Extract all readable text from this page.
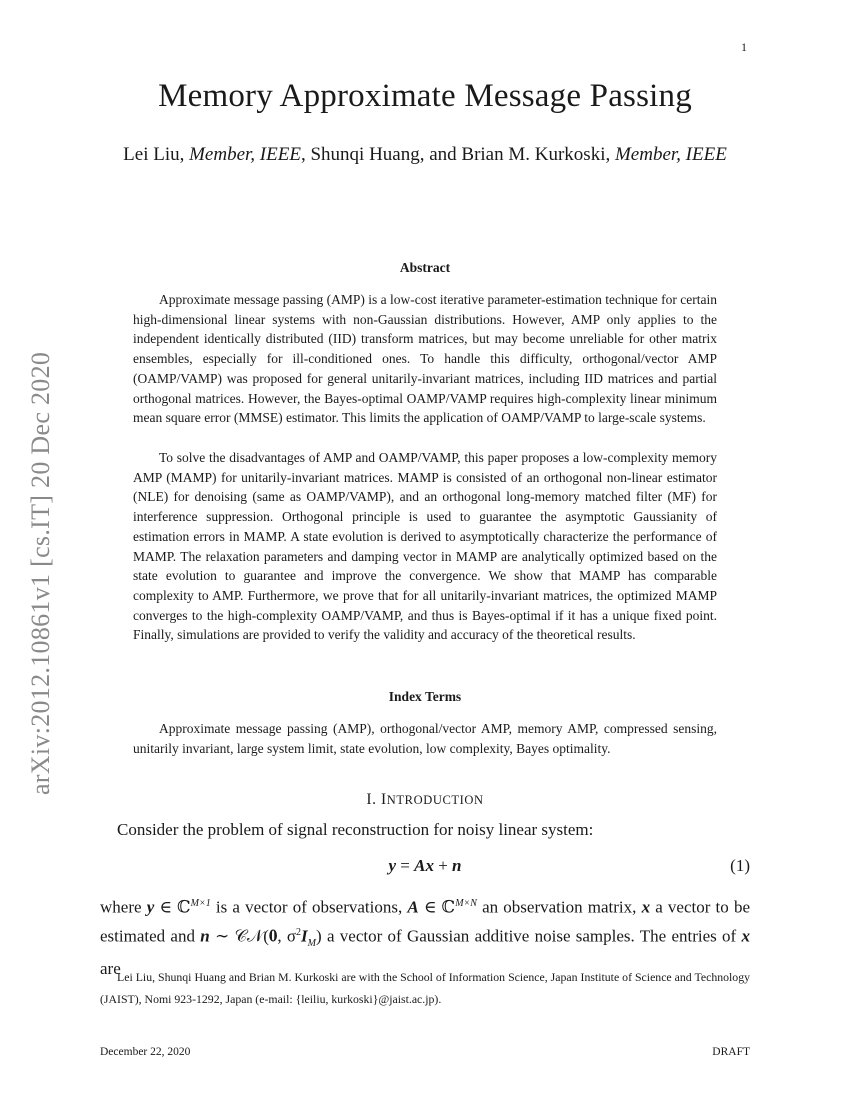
1
arXiv:2012.10861v1 [cs.IT] 20 Dec 2020
Memory Approximate Message Passing
Lei Liu, Member, IEEE, Shunqi Huang, and Brian M. Kurkoski, Member, IEEE
Abstract

Approximate message passing (AMP) is a low-cost iterative parameter-estimation technique for certain high-dimensional linear systems with non-Gaussian distributions. However, AMP only applies to the independent identically distributed (IID) transform matrices, but may become unreliable for other matrix ensembles, especially for ill-conditioned ones. To handle this difficulty, orthogonal/vector AMP (OAMP/VAMP) was proposed for general unitarily-invariant matrices, including IID matrices and partial orthogonal matrices. However, the Bayes-optimal OAMP/VAMP requires high-complexity linear minimum mean square error (MMSE) estimator. This limits the application of OAMP/VAMP to large-scale systems.

To solve the disadvantages of AMP and OAMP/VAMP, this paper proposes a low-complexity memory AMP (MAMP) for unitarily-invariant matrices. MAMP is consisted of an orthogonal non-linear estimator (NLE) for denoising (same as OAMP/VAMP), and an orthogonal long-memory matched filter (MF) for interference suppression. Orthogonal principle is used to guarantee the asymptotic Gaussianity of estimation errors in MAMP. A state evolution is derived to asymptotically characterize the performance of MAMP. The relaxation parameters and damping vector in MAMP are analytically optimized based on the state evolution to guarantee and improve the convergence. We show that MAMP has comparable complexity to AMP. Furthermore, we prove that for all unitarily-invariant matrices, the optimized MAMP converges to the high-complexity OAMP/VAMP, and thus is Bayes-optimal if it has a unique fixed point. Finally, simulations are provided to verify the validity and accuracy of the theoretical results.

Index Terms

Approximate message passing (AMP), orthogonal/vector AMP, memory AMP, compressed sensing, unitarily invariant, large system limit, state evolution, low complexity, Bayes optimality.

I. INTRODUCTION
Consider the problem of signal reconstruction for noisy linear system:
y = Ax + n	(1)

where y ∈ ℂ$^{M\times 1}$ is a vector of observations, A ∈ ℂ$^{M\times N}$ an observation matrix, x a vector to be estimated and n ∼ 𝒞𝒩(𝟎, $\sigma^2I_M$) a vector of Gaussian additive noise samples. The entries of x are

Lei Liu, Shunqi Huang and Brian M. Kurkoski are with the School of Information Science, Japan Institute of Science and Technology (JAIST), Nomi 923-1292, Japan (e-mail: {leiliu, kurkoski}@jaist.ac.jp).

December 22, 2020	DRAFT
